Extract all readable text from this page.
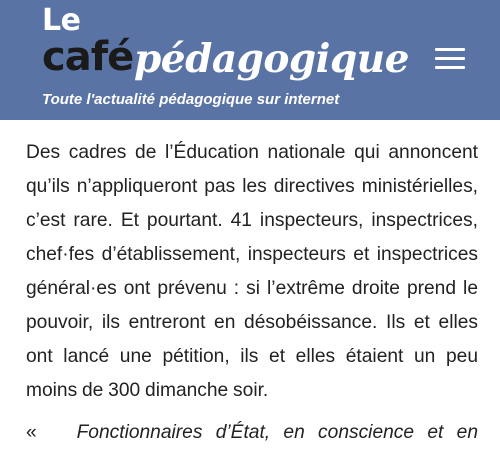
Le
café pédagogique
Toute l'actualité pédagogique sur internet

Des cadres de l’Éducation nationale qui annoncent qu’ils n’appliqueront pas les directives ministérielles, c’est rare. Et pourtant. 41 inspecteurs, inspectrices, chef·fes d’établissement, inspecteurs et inspectrices général·es ont prévenu : si l’extrême droite prend le pouvoir, ils entreront en désobéissance. Ils et elles ont lancé une pétition, ils et elles étaient un peu moins de 300 dimanche soir.

« Fonctionnaires d’État, en conscience et en
